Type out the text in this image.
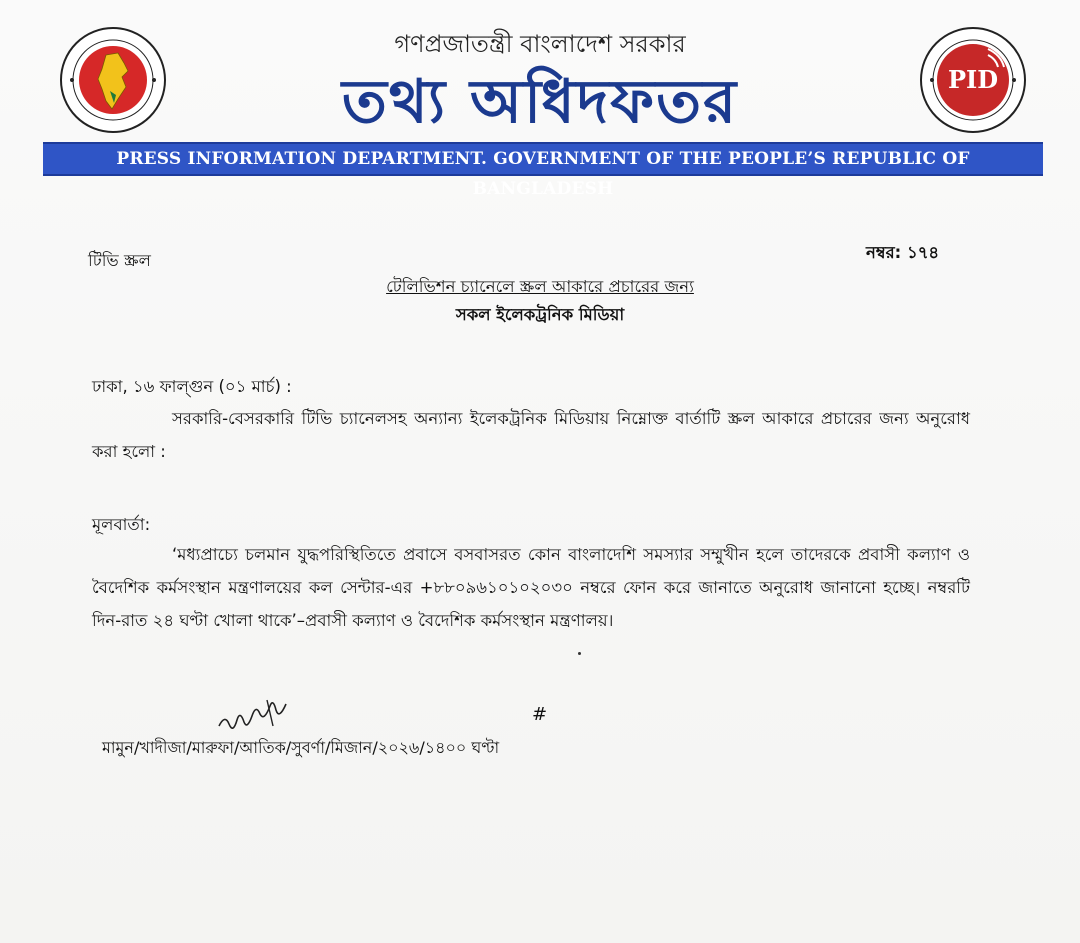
PID
গণপ্রজাতন্ত্রী বাংলাদেশ সরকার
তথ্য অধিদফতর
PRESS INFORMATION DEPARTMENT. GOVERNMENT OF THE PEOPLE’S REPUBLIC OF BANGLADESH
টিভি স্ক্রল	নম্বর: ১৭৪
টেলিভিশন চ্যানেলে স্ক্রল আকারে প্রচারের জন্য
সকল ইলেকট্রনিক মিডিয়া
ঢাকা, ১৬ ফাল্গুন (০১ মার্চ) :
সরকারি-বেসরকারি টিভি চ্যানেলসহ অন্যান্য ইলেকট্রনিক মিডিয়ায় নিম্নোক্ত বার্তাটি স্ক্রল আকারে প্রচারের জন্য অনুরোধ করা হলো :
মূলবার্তা:
‘মধ্যপ্রাচ্যে চলমান যুদ্ধপরিস্থিতিতে প্রবাসে বসবাসরত কোন বাংলাদেশি সমস্যার সম্মুখীন হলে তাদেরকে প্রবাসী কল্যাণ ও বৈদেশিক কর্মসংস্থান মন্ত্রণালয়ের কল সেন্টার-এর +৮৮০৯৬১০১০২০৩০ নম্বরে ফোন করে জানাতে অনুরোধ জানানো হচ্ছে। নম্বরটি দিন-রাত ২৪ ঘণ্টা খোলা থাকে’–প্রবাসী কল্যাণ ও বৈদেশিক কর্মসংস্থান মন্ত্রণালয়।
#
মামুন/খাদীজা/মারুফা/আতিক/সুবর্ণা/মিজান/২০২৬/১৪০০ ঘণ্টা
